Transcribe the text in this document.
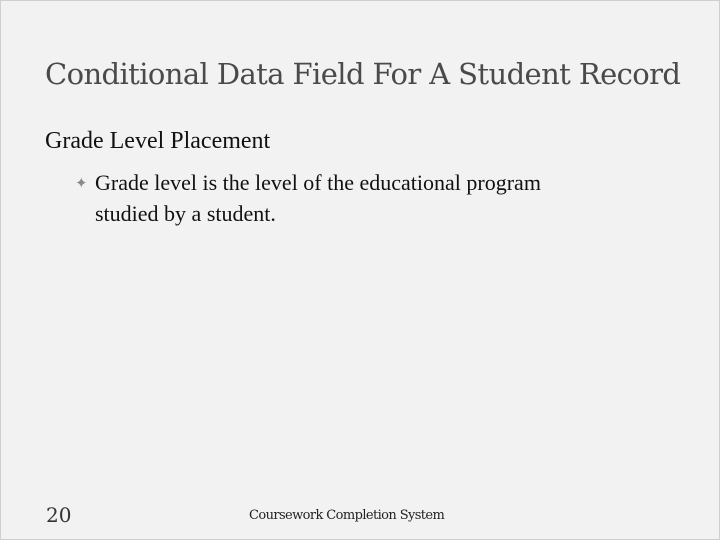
Conditional Data Field For A Student Record
Grade Level Placement
✦ Grade level is the level of the educational program
studied by a student.
20	Coursework Completion System
